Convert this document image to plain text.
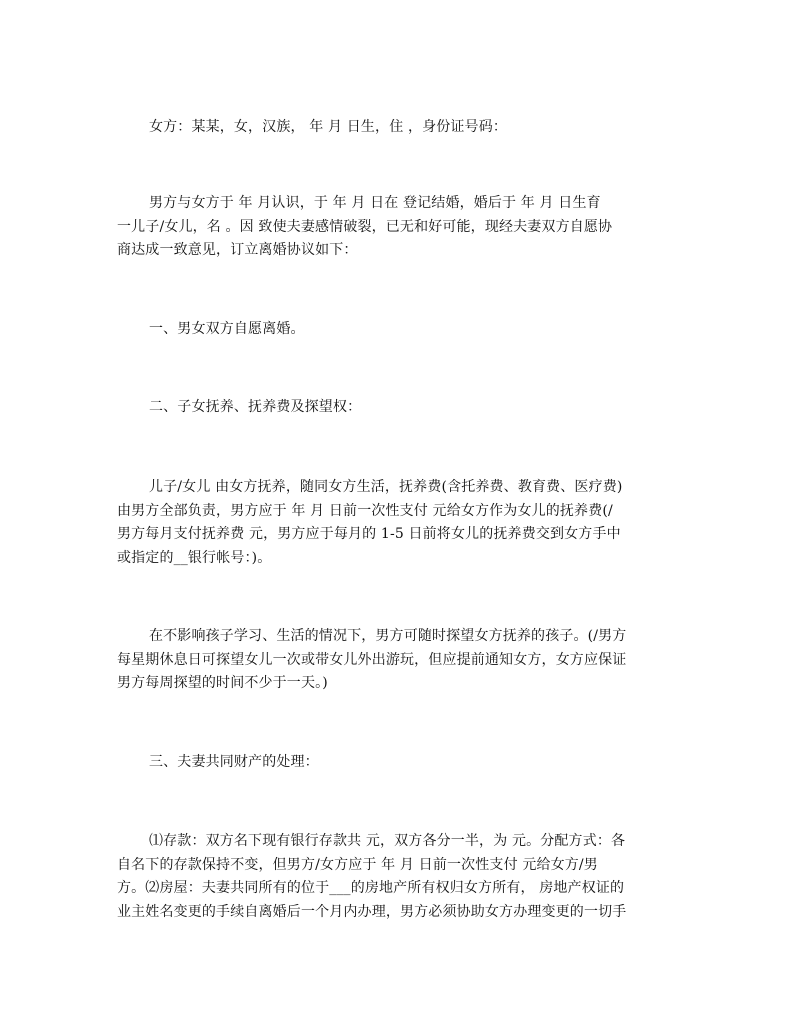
女方：某某，女，汉族， 年 月 日生，住 ，身份证号码：
男方与女方于 年 月认识，于 年 月 日在 登记结婚，婚后于 年 月 日生育
一儿子/女儿，名 。因 致使夫妻感情破裂，已无和好可能，现经夫妻双方自愿协
商达成一致意见，订立离婚协议如下：
一、男女双方自愿离婚。
二、子女抚养、抚养费及探望权：
儿子/女儿 由女方抚养，随同女方生活，抚养费(含托养费、教育费、医疗费)
由男方全部负责，男方应于 年 月 日前一次性支付 元给女方作为女儿的抚养费(/
男方每月支付抚养费 元，男方应于每月的 1-5 日前将女儿的抚养费交到女方手中
或指定的__银行帐号：)。
在不影响孩子学习、生活的情况下，男方可随时探望女方抚养的孩子。(/男方
每星期休息日可探望女儿一次或带女儿外出游玩，但应提前通知女方，女方应保证
男方每周探望的时间不少于一天。)
三、夫妻共同财产的处理：
⑴存款：双方名下现有银行存款共 元，双方各分一半，为 元。分配方式：各
自名下的存款保持不变，但男方/女方应于 年 月 日前一次性支付 元给女方/男
方。⑵房屋：夫妻共同所有的位于___的房地产所有权归女方所有， 房地产权证的
业主姓名变更的手续自离婚后一个月内办理，男方必须协助女方办理变更的一切手
